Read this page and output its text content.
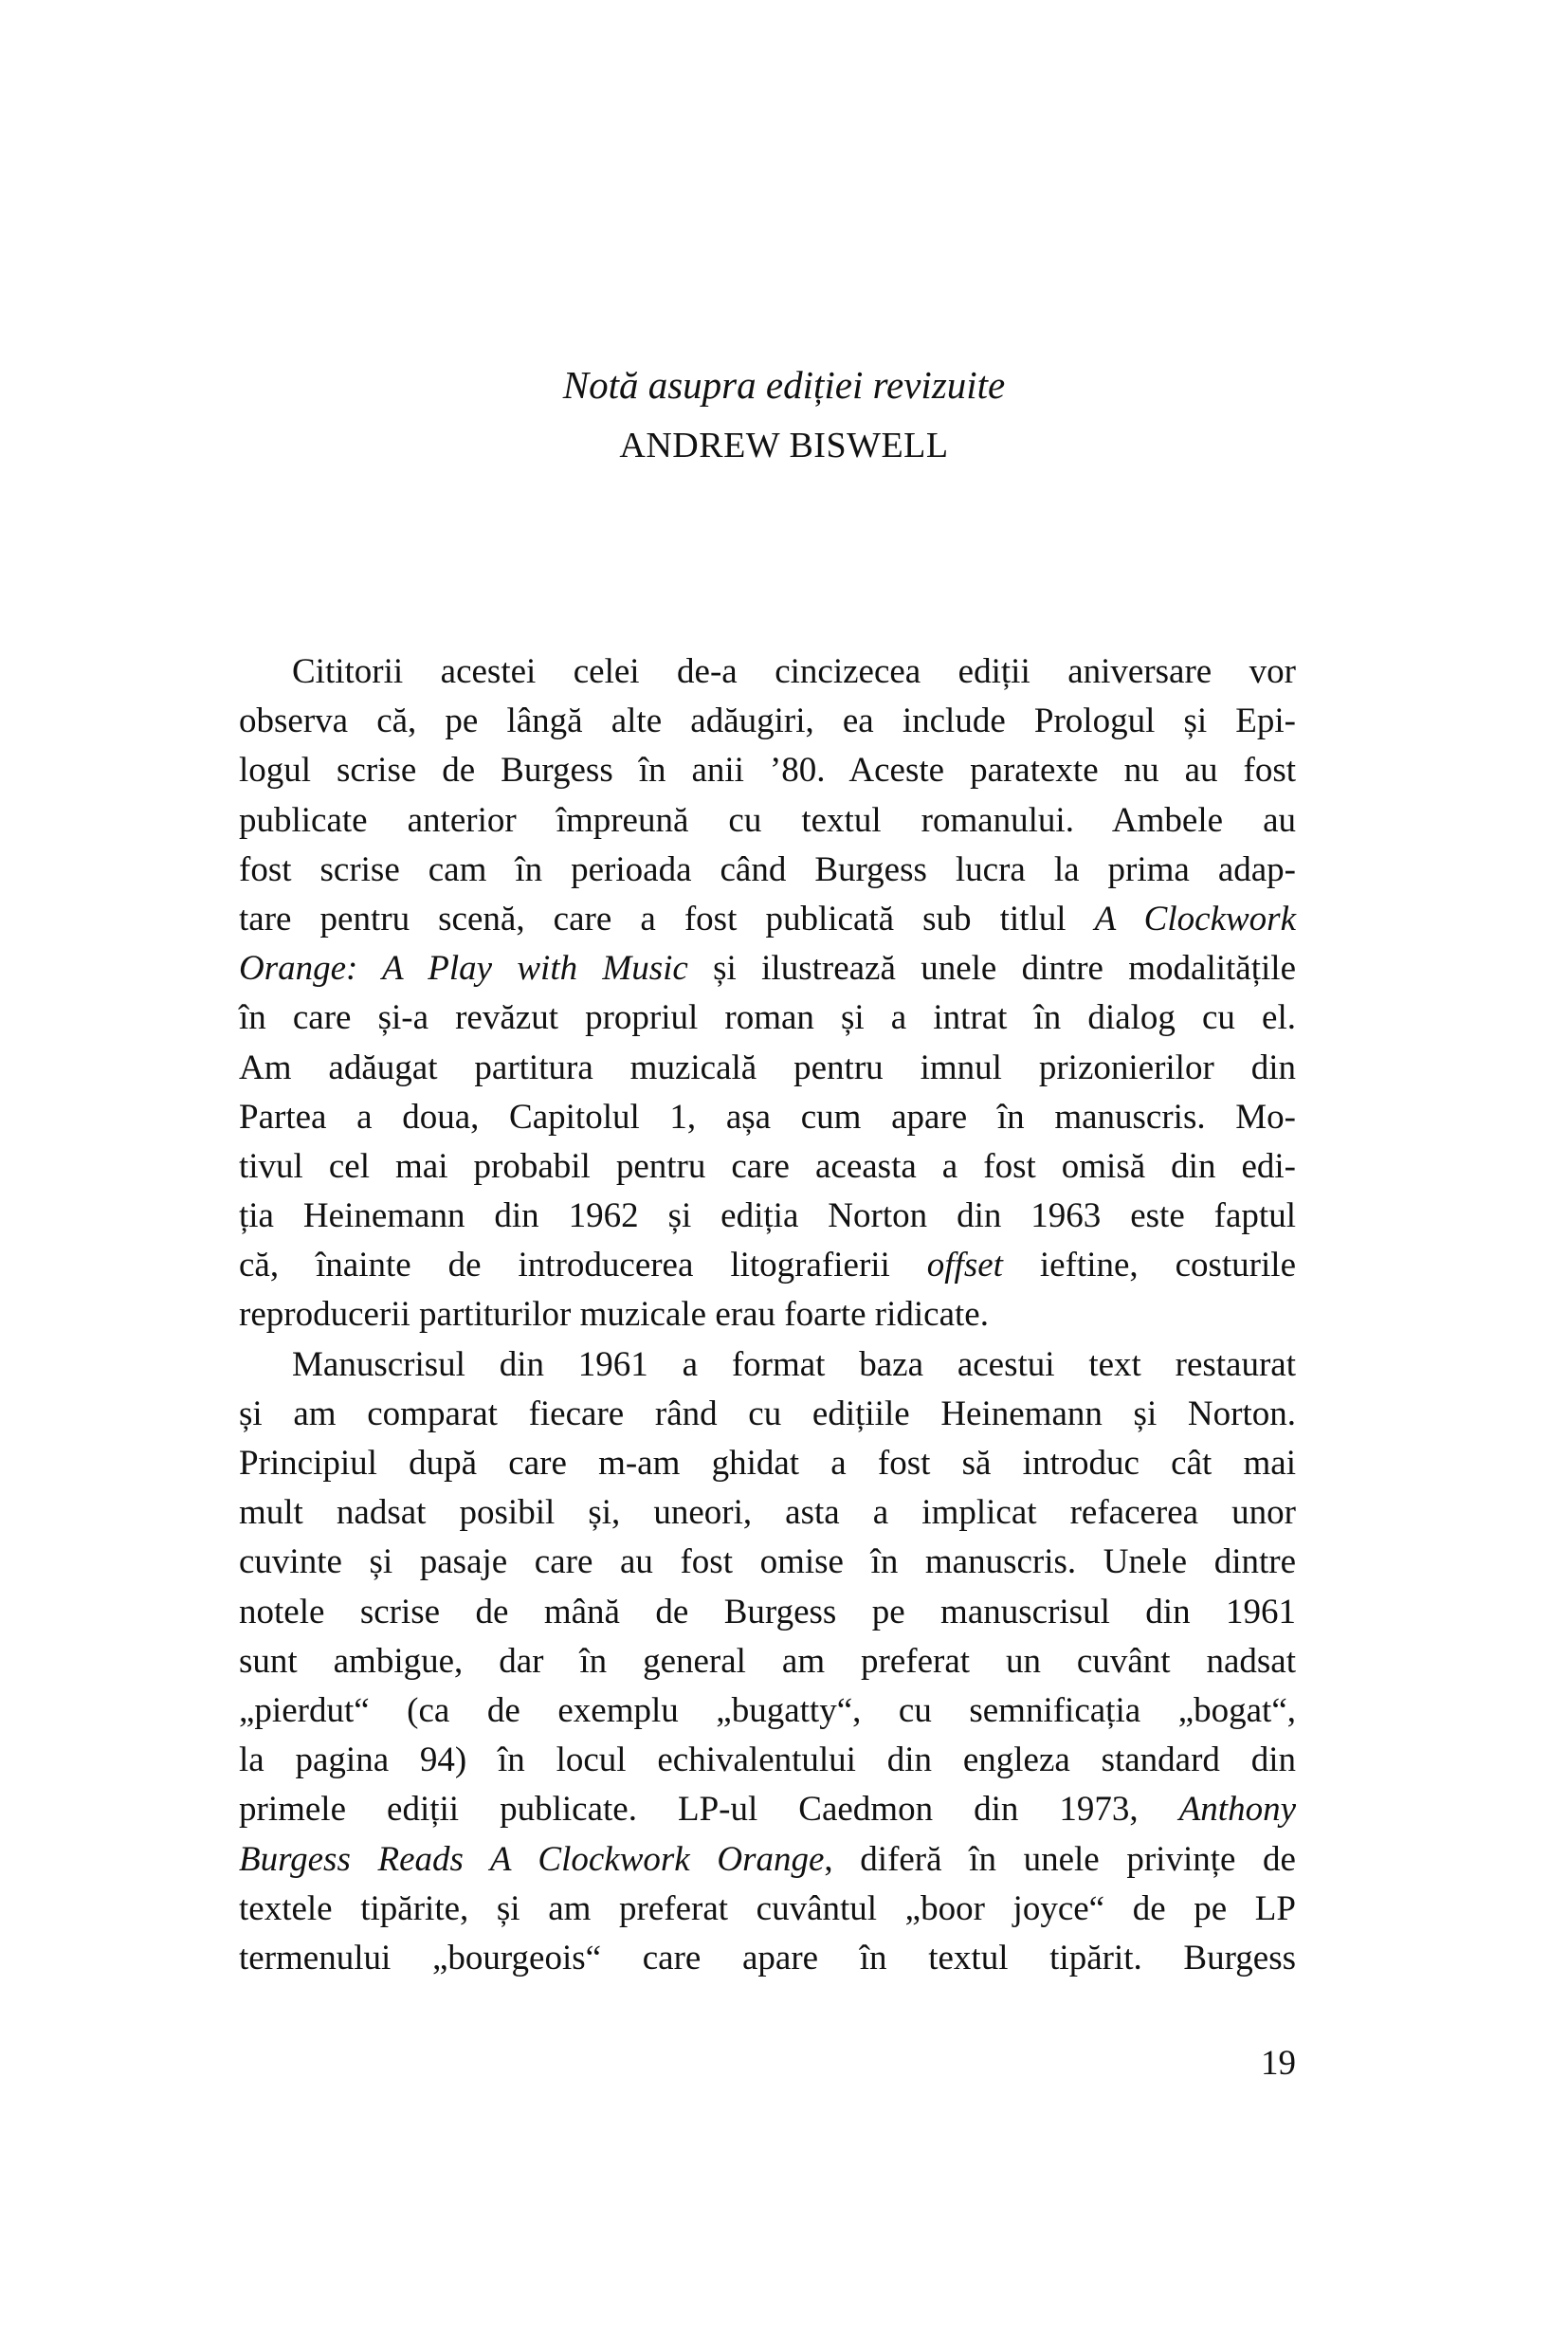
Notă asupra ediției revizuite
ANDREW BISWELL
Cititorii acestei celei de-a cincizecea ediții aniversare vor
observa că, pe lângă alte adăugiri, ea include Prologul și Epi-
logul scrise de Burgess în anii ’80. Aceste paratexte nu au fost
publicate anterior împreună cu textul romanului. Ambele au
fost scrise cam în perioada când Burgess lucra la prima adap-
tare pentru scenă, care a fost publicată sub titlul A Clockwork
Orange: A Play with Music și ilustrează unele dintre modalitățile
în care și-a revăzut propriul roman și a intrat în dialog cu el.
Am adăugat partitura muzicală pentru imnul prizonierilor din
Partea a doua, Capitolul 1, așa cum apare în manuscris. Mo-
tivul cel mai probabil pentru care aceasta a fost omisă din edi-
ția Heinemann din 1962 și ediția Norton din 1963 este faptul
că, înainte de introducerea litografierii offset ieftine, costurile
reproducerii partiturilor muzicale erau foarte ridicate.
Manuscrisul din 1961 a format baza acestui text restaurat
și am comparat fiecare rând cu edițiile Heinemann și Norton.
Principiul după care m-am ghidat a fost să introduc cât mai
mult nadsat posibil și, uneori, asta a implicat refacerea unor
cuvinte și pasaje care au fost omise în manuscris. Unele dintre
notele scrise de mână de Burgess pe manuscrisul din 1961
sunt ambigue, dar în general am preferat un cuvânt nadsat
„pierdut“ (ca de exemplu „bugatty“, cu semnificația „bogat“,
la pagina 94) în locul echivalentului din engleza standard din
primele ediții publicate. LP-ul Caedmon din 1973, Anthony
Burgess Reads A Clockwork Orange, diferă în unele privințe de
textele tipărite, și am preferat cuvântul „boor joyce“ de pe LP
termenului „bourgeois“ care apare în textul tipărit. Burgess
19
